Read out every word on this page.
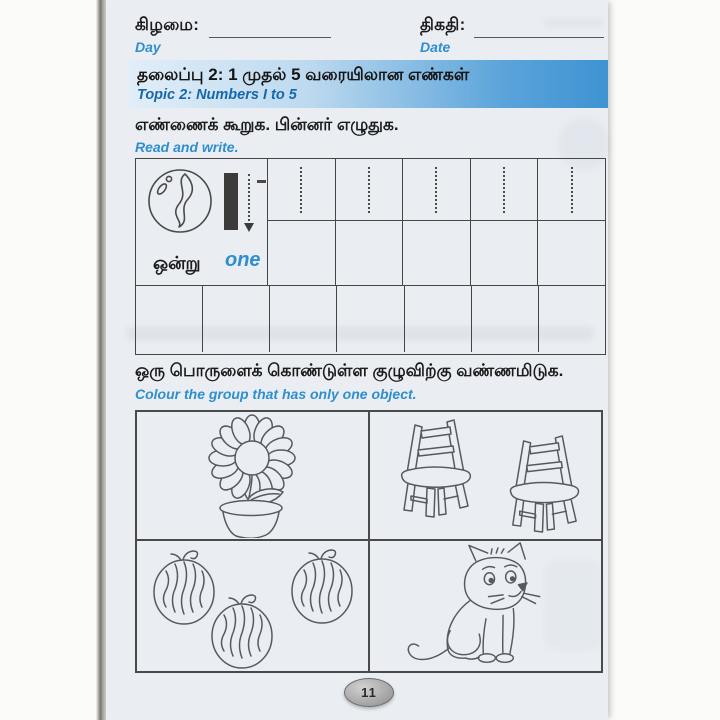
கிழமை:
Day
திகதி:
Date
தலைப்பு 2: 1 முதல் 5 வரையிலான எண்கள்
Topic 2: Numbers I to 5
எண்ணைக் கூறுக. பின்னர் எழுதுக.
Read and write.
ஒன்று one
ஒரு பொருளைக் கொண்டுள்ள குழுவிற்கு வண்ணமிடுக.
Colour the group that has only one object.
11
